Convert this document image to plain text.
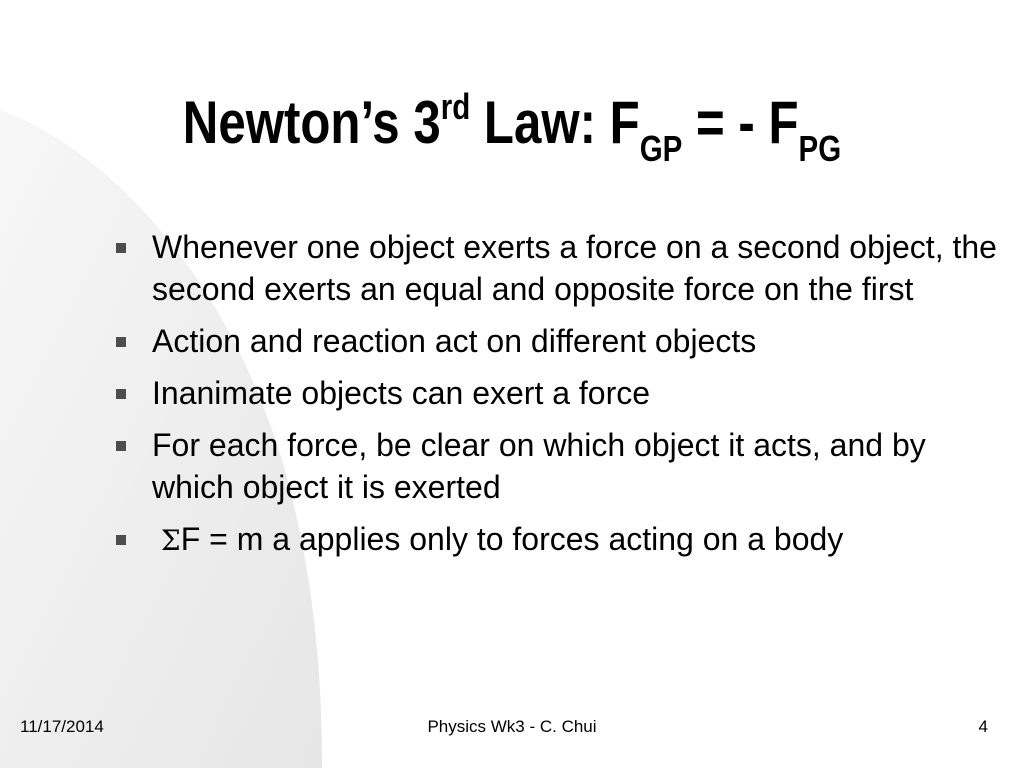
Newton’s 3rd Law: $F_{GP}$ = - $F_{PG}$
Whenever one object exerts a force on a second object, the second exerts an equal and opposite force on the first
Action and reaction act on different objects
Inanimate objects can exert a force
For each force, be clear on which object it acts, and by which object it is exerted
ΣF = m a applies only to forces acting on a body
11/17/2014	Physics Wk3 - C. Chui	4
